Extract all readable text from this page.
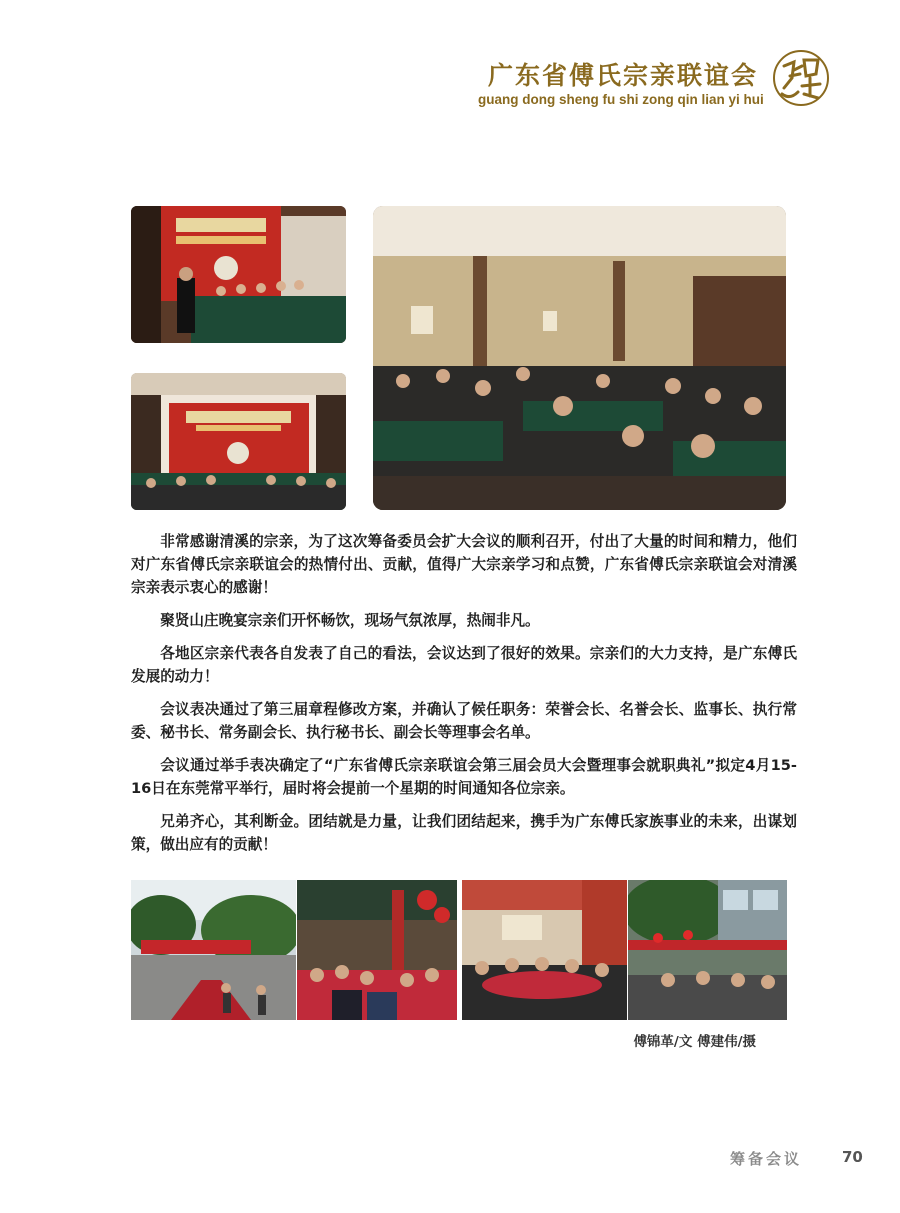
广东省傅氏宗亲联谊会
guang dong sheng fu shi zong qin lian yi hui

非常感谢清溪的宗亲，为了这次筹备委员会扩大会议的顺利召开，付出了大量的时间和精力，他们对广东省傅氏宗亲联谊会的热情付出、贡献，值得广大宗亲学习和点赞，广东省傅氏宗亲联谊会对清溪宗亲表示衷心的感谢！

聚贤山庄晚宴宗亲们开怀畅饮，现场气氛浓厚，热闹非凡。

各地区宗亲代表各自发表了自己的看法，会议达到了很好的效果。宗亲们的大力支持，是广东傅氏发展的动力！

会议表决通过了第三届章程修改方案，并确认了候任职务：荣誉会长、名誉会长、监事长、执行常委、秘书长、常务副会长、执行秘书长、副会长等理事会名单。

会议通过举手表决确定了“广东省傅氏宗亲联谊会第三届会员大会暨理事会就职典礼”拟定4月15-16日在东莞常平举行，届时将会提前一个星期的时间通知各位宗亲。

兄弟齐心，其利断金。团结就是力量，让我们团结起来，携手为广东傅氏家族事业的未来，出谋划策，做出应有的贡献！

傅锦革/文 傅建伟/摄
筹备会议	70
